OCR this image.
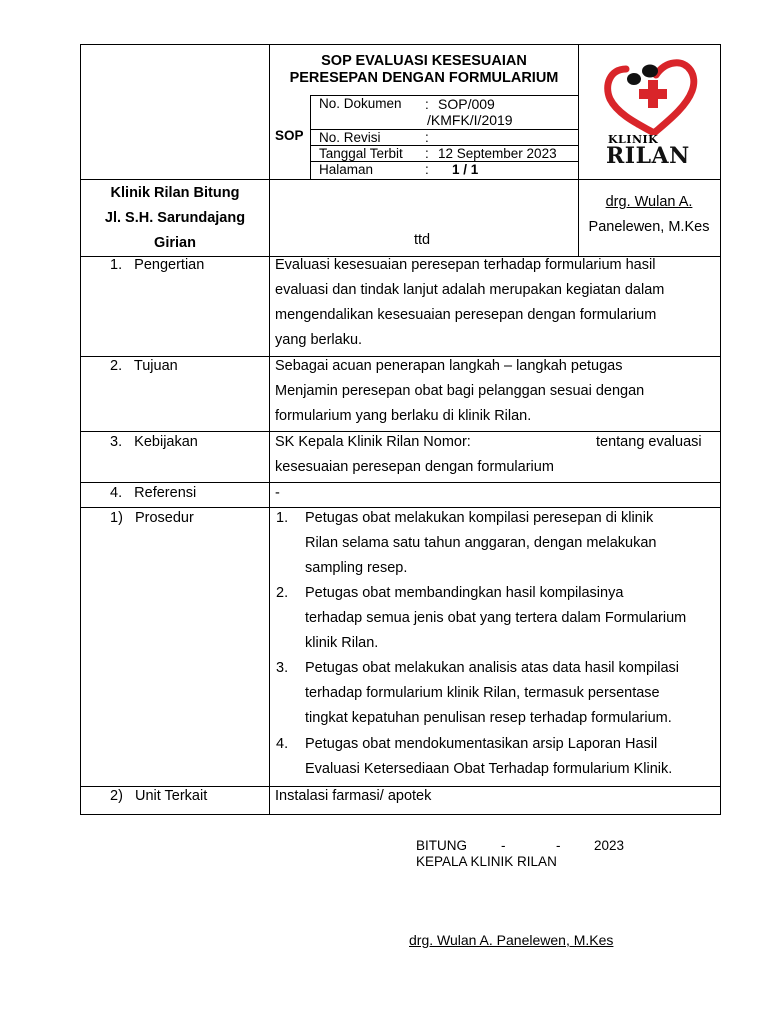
SOP EVALUASI KESESUAIAN
PERESEPAN DENGAN FORMULARIUM
SOP
No. Dokumen : SOP/009
/KMFK/I/2019
No. Revisi	:
Tanggal Terbit : 12 September 2023
Halaman	: 1 / 1
KLINIK
RILAN
Klinik Rilan Bitung
Jl. S.H. Sarundajang
Girian	ttd
drg. Wulan A.
Panelewen, M.Kes
1.   Pengertian	Evaluasi kesesuaian peresepan terhadap formularium hasil
evaluasi dan tindak lanjut adalah merupakan kegiatan dalam
mengendalikan kesesuaian peresepan dengan formularium
yang berlaku.
2.   Tujuan	Sebagai acuan penerapan langkah – langkah petugas
Menjamin peresepan obat bagi pelanggan sesuai dengan
formularium yang berlaku di klinik Rilan.
3.   Kebijakan	SK Kepala Klinik Rilan Nomor:	tentang evaluasi
kesesuaian peresepan dengan formularium
4.   Referensi	-
1)   Prosedur	1. Petugas obat melakukan kompilasi peresepan di klinik
Rilan selama satu tahun anggaran, dengan melakukan
sampling resep.
2. Petugas obat membandingkan hasil kompilasinya
terhadap semua jenis obat yang tertera dalam Formularium
klinik Rilan.
3. Petugas obat melakukan analisis atas data hasil kompilasi
terhadap formularium klinik Rilan, termasuk persentase
tingkat kepatuhan penulisan resep terhadap formularium.
4. Petugas obat mendokumentasikan arsip Laporan Hasil
Evaluasi Ketersediaan Obat Terhadap formularium Klinik.
2)   Unit Terkait	Instalasi farmasi/ apotek
BITUNG	-	- 2023
KEPALA KLINIK RILAN
drg. Wulan A. Panelewen, M.Kes
